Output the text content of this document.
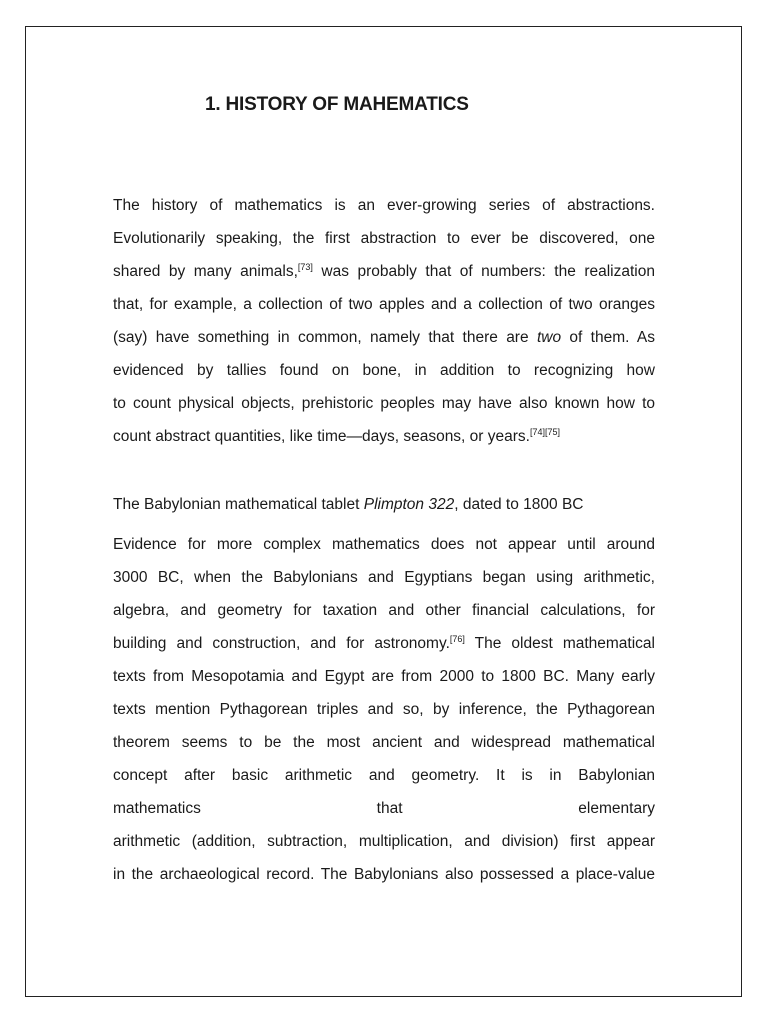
1. HISTORY OF MAHEMATICS
The history of mathematics is an ever-growing series of abstractions.
Evolutionarily speaking, the first abstraction to ever be discovered, one
shared by many animals,[73] was probably that of numbers: the realization
that, for example, a collection of two apples and a collection of two oranges
(say) have something in common, namely that there are two of them. As
evidenced by tallies found on bone, in addition to recognizing how
to count physical objects, prehistoric peoples may have also known how to
count abstract quantities, like time—days, seasons, or years.[74][75]
The Babylonian mathematical tablet Plimpton 322, dated to 1800 BC
Evidence for more complex mathematics does not appear until around
3000 BC, when the Babylonians and Egyptians began using arithmetic,
algebra, and geometry for taxation and other financial calculations, for
building and construction, and for astronomy.[76] The oldest mathematical
texts from Mesopotamia and Egypt are from 2000 to 1800 BC. Many early
texts mention Pythagorean triples and so, by inference, the Pythagorean
theorem seems to be the most ancient and widespread mathematical
concept after basic arithmetic and geometry. It is in Babylonian
mathematics that elementary
arithmetic (addition, subtraction, multiplication, and division) first appear
in the archaeological record. The Babylonians also possessed a place-value
